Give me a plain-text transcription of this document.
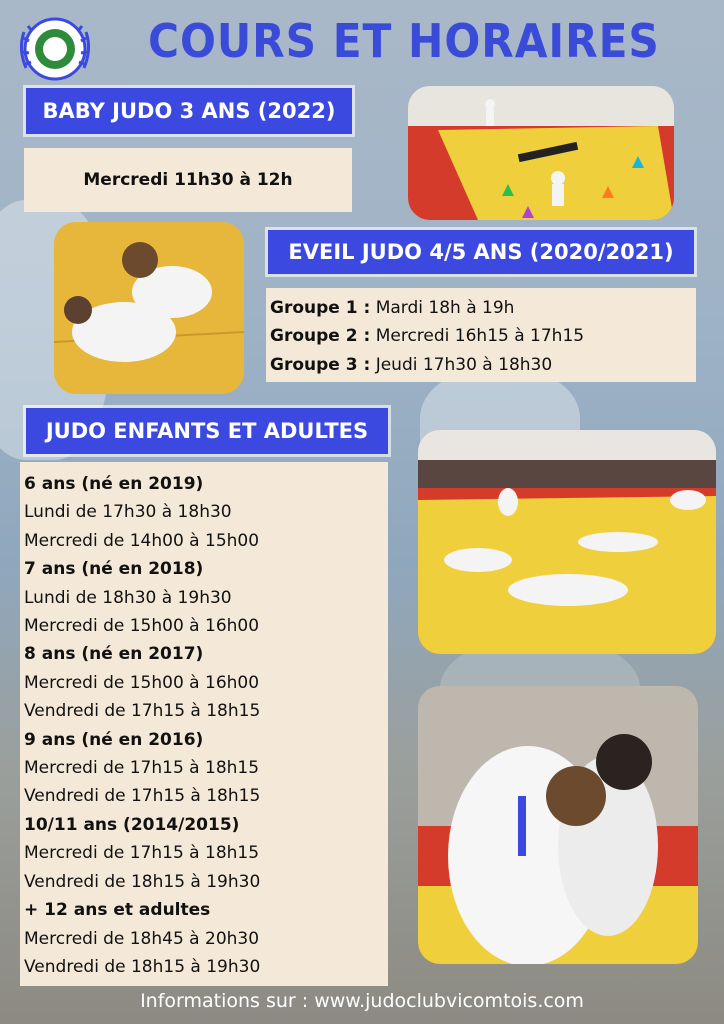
COURS ET HORAIRES
BABY JUDO 3 ANS (2022)
Mercredi 11h30 à 12h
EVEIL JUDO 4/5 ANS (2020/2021)
Groupe 1 : Mardi 18h à 19h
Groupe 2 : Mercredi 16h15 à 17h15
Groupe 3 : Jeudi 17h30 à 18h30
JUDO ENFANTS ET ADULTES
6 ans (né en 2019)
Lundi de 17h30 à 18h30
Mercredi de 14h00 à 15h00
7 ans (né en 2018)
Lundi de 18h30 à 19h30
Mercredi de 15h00 à 16h00
8 ans (né en 2017)
Mercredi de 15h00 à 16h00
Vendredi de 17h15 à 18h15
9 ans (né en 2016)
Mercredi de 17h15 à 18h15
Vendredi de 17h15 à 18h15
10/11 ans (2014/2015)
Mercredi de 17h15 à 18h15
Vendredi de 18h15 à 19h30
+ 12 ans et adultes
Mercredi de 18h45 à 20h30
Vendredi de 18h15 à 19h30
Informations sur : www.judoclubvicomtois.com
